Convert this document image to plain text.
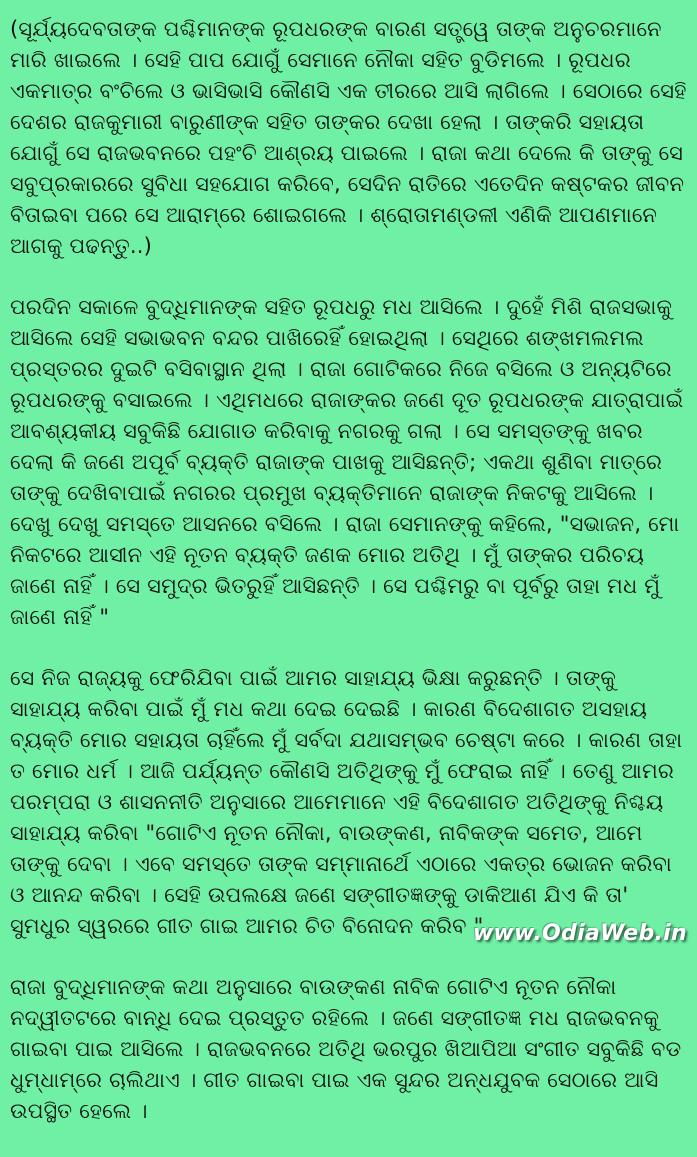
(ସୂର୍ଯ୍ୟଦେବତାଙ୍କ ପଶ୍ଚିମାନଙ୍କ ରୂପଧରଙ୍କ ବାରଣ ସତ୍ତ୍ୱେ ତାଙ୍କ ଅନୁଚରମାନେ ମାରି ଖାଇଲେ । ସେହି ପାପ ଯୋଗୁଁ ସେମାନେ ନୌକା ସହିତ ବୁଡିମଲେ । ରୂପଧର ଏକମାତ୍ର ବଂଚିଲେ ଓ ଭାସିଭାସି କୌଣସି ଏକ ତୀରରେ ଆସି ଲାଗିଲେ । ସେଠାରେ ସେହି ଦେଶର ରାଜକୁମାରୀ ବାରୁଣୀଙ୍କ ସହିତ ତାଙ୍କର ଦେଖା ହେଲା । ତାଙ୍କରି ସହାୟତା ଯୋଗୁଁ ସେ ରାଜଭବନରେ ପହଂଚି ଆଶ୍ରୟ ପାଇଲେ । ରାଜା କଥା ଦେଲେ କି ତାଙ୍କୁ ସେ ସବୁପ୍ରକାରରେ ସୁବିଧା ସହଯୋଗ କରିବେ, ସେଦିନ ରାତିରେ ଏତେଦିନ କଷ୍ଟକର ଜୀବନ ବିତାଇବା ପରେ ସେ ଆରାମ୍ରେ ଶୋଇଗଲେ । ଶ୍ରୋତାମଣ୍ଡଳୀ ଏଣିକି ଆପଣମାନେ ଆଗକୁ ପଢନ୍ତୁ..)

ପରଦିନ ସକାଳେ ବୁଦ୍ଧିମାନଙ୍କ ସହିତ ରୂପଧରୁ ମଧ ଆସିଲେ । ଦୁହେଁ ମିଶି ରାଜସଭାକୁ ଆସିଲେ ସେହି ସଭାଭବନ ବନ୍ଦର ପାଖିରେହିଁ ହୋଇଥିଲା । ସେଥିରେ ଶଙ୍ଖମଲମଲ ପ୍ରସ୍ତରର ଦୁଇଟି ବସିବାସ୍ଥାନ ଥିଲା । ରାଜା ଗୋଟିକରେ ନିଜେ ବସିଲେ ଓ ଅନ୍ୟଟିରେ ରୂପଧରଙ୍କୁ ବସାଇଲେ । ଏଥିମଧରେ ରାଜାଙ୍କର ଜଣେ ଦୂତ ରୂପଧରଙ୍କ ଯାତ୍ରାପାଇଁ ଆବଶ୍ୟକୀୟ ସବୁକିଛି ଯୋଗାଡ କରିବାକୁ ନଗରକୁ ଗଲା । ସେ ସମସ୍ତଙ୍କୁ ଖବର ଦେଲା କି ଜଣେ ଅପୂର୍ବ ବ୍ୟକ୍ତି ରାଜାଙ୍କ ପାଖକୁ ଆସିଛନ୍ତି; ଏକଥା ଶୁଣିବା ମାତ୍ରେ ତାଙ୍କୁ ଦେଖିବାପାଇଁ ନଗରର ପ୍ରମୁଖ ବ୍ୟକ୍ତିମାନେ ରାଜାଙ୍କ ନିକଟକୁ ଆସିଲେ । ଦେଖୁ ଦେଖୁ ସମସ୍ତେ ଆସନରେ ବସିଲେ । ରାଜା ସେମାନଙ୍କୁ କହିଲେ, "ସଭାଜନ, ମୋ ନିକଟରେ ଆସୀନ ଏହି ନୂତନ ବ୍ୟକ୍ତି ଜଣକ ମୋର ଅତିଥି । ମୁଁ ତାଙ୍କର ପରିଚୟ ଜାଣେ ନାହିଁ । ସେ ସମୁଦ୍ର ଭିତରୁହିଁ ଆସିଛନ୍ତି । ସେ ପଶ୍ଚିମରୁ ବା ପୂର୍ବରୁ ତାହା ମଧ ମୁଁ ଜାଣେ ନାହିଁ "

ସେ ନିଜ ରାଜ୍ୟକୁ ଫେରିଯିବା ପାଇଁ ଆମର ସାହାଯ୍ୟ ଭିକ୍ଷା କରୁଛନ୍ତି । ତାଙ୍କୁ ସାହାଯ୍ୟ କରିବା ପାଇଁ ମୁଁ ମଧ କଥା ଦେଇ ଦେଇଛି । କାରଣ ବିଦେଶାଗତ ଅସହାୟ ବ୍ୟକ୍ତି ମୋର ସହାୟତା ଚାହିଁଲେ ମୁଁ ସର୍ବଦା ଯଥାସମ୍ଭବ ଚେଷ୍ଟା କରେ । କାରଣ ତାହା ତ ମୋର ଧର୍ମ । ଆଜି ପର୍ଯ୍ୟନ୍ତ କୌଣସି ଅତିଥିଙ୍କୁ ମୁଁ ଫେରାଇ ନାହିଁ । ତେଣୁ ଆମର ପରମ୍ପରା ଓ ଶାସନନୀତି ଅନୁସାରେ ଆମେମାନେ ଏହି ବିଦେଶାଗତ ଅତିଥିଙ୍କୁ ନିଶ୍ଚୟ ସାହାଯ୍ୟ କରିବା "ଗୋଟିଏ ନୂତନ ନୌକା, ବାଉଙ୍କଣ, ନାବିକଙ୍କ ସମେତ, ଆମେ ତାଙ୍କୁ ଦେବା । ଏବେ ସମସ୍ତେ ତାଙ୍କ ସମ୍ମାନାର୍ଥେ ଏଠାରେ ଏକତ୍ର ଭୋଜନ କରିବା ଓ ଆନନ୍ଦ କରିବା । ସେହି ଉପଲକ୍ଷେ ଜଣେ ସଙ୍ଗୀତଜ୍ଞଙ୍କୁ ଡାକିଆଣ ଯିଏ କି ତା' ସୁମଧୁର ସ୍ୱରରେ ଗୀତ ଗାଇ ଆମର ଚିତ ବିନୋଦନ କରିବ "

ରାଜା ବୁଦ୍ଧିମାନଙ୍କ କଥା ଅନୁସାରେ ବାଉଙ୍କଣ ନାବିକ ଗୋଟିଏ ନୂତନ ନୌକା ନଦ୍ୱୀତଟରେ ବାନ୍ଧି ଦେଇ ପ୍ରସ୍ତୁତ ରହିଲେ । ଜଣେ ସଙ୍ଗୀତଜ୍ଞ ମଧ ରାଜଭବନକୁ ଗାଇବା ପାଇ ଆସିଲେ । ରାଜଭବନରେ ଅତିଥି ଭରପୁର ଖିଆପିଆ ସଂଗୀତ ସବୁକିଛି ବଡ ଧୁମ୍ଧାମ୍ରେ ଚାଲିଥାଏ । ଗୀତ ଗାଇବା ପାଇ ଏକ ସୁନ୍ଦର ଅନ୍ଧଯୁବକ ସେଠାରେ ଆସି ଉପସ୍ଥିତ ହେଲେ ।

www.OdiaWeb.in
